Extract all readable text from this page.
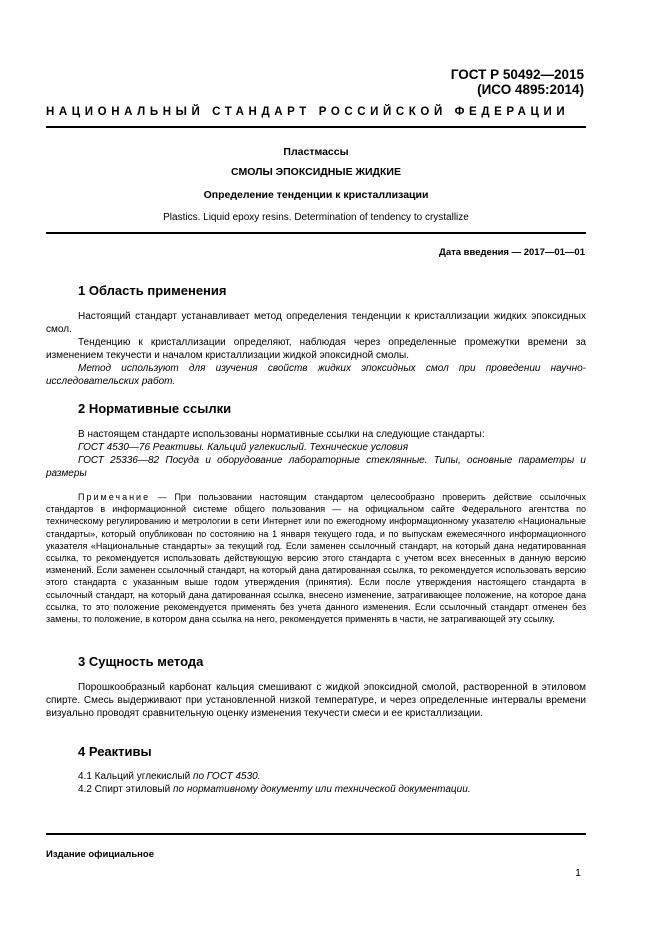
ГОСТ Р 50492—2015
(ИСО 4895:2014)
НАЦИОНАЛЬНЫЙ СТАНДАРТ РОССИЙСКОЙ ФЕДЕРАЦИИ
Пластмассы
СМОЛЫ ЭПОКСИДНЫЕ ЖИДКИЕ
Определение тенденции к кристаллизации
Plastics. Liquid epoxy resins. Determination of tendency to crystallize
Дата введения — 2017—01—01
1 Область применения

Настоящий стандарт устанавливает метод определения тенденции к кристаллизации жидких эпоксидных смол.

Тенденцию к кристаллизации определяют, наблюдая через определенные промежутки времени за изменением текучести и началом кристаллизации жидкой эпоксидной смолы.

Метод используют для изучения свойств жидких эпоксидных смол при проведении научно-исследовательских работ.

2 Нормативные ссылки

В настоящем стандарте использованы нормативные ссылки на следующие стандарты:

ГОСТ 4530—76 Реактивы. Кальций углекислый. Технические условия

ГОСТ 25336—82 Посуда и оборудование лабораторные стеклянные. Типы, основные параметры и размеры

Примечание — При пользовании настоящим стандартом целесообразно проверить действие ссылочных стандартов в информационной системе общего пользования — на официальном сайте Федерального агентства по техническому регулированию и метрологии в сети Интернет или по ежегодному информационному указателю «Национальные стандарты», который опубликован по состоянию на 1 января текущего года, и по выпускам ежемесячного информационного указателя «Национальные стандарты» за текущий год. Если заменен ссылочный стандарт, на который дана недатированная ссылка, то рекомендуется использовать действующую версию этого стандарта с учетом всех внесенных в данную версию изменений. Если заменен ссылочный стандарт, на который дана датированная ссылка, то рекомендуется использовать версию этого стандарта с указанным выше годом утверждения (принятия). Если после утверждения настоящего стандарта в ссылочный стандарт, на который дана датированная ссылка, внесено изменение, затрагивающее положение, на которое дана ссылка, то это положение рекомендуется применять без учета данного изменения. Если ссылочный стандарт отменен без замены, то положение, в котором дана ссылка на него, рекомендуется применять в части, не затрагивающей эту ссылку.

3 Сущность метода

Порошкообразный карбонат кальция смешивают с жидкой эпоксидной смолой, растворенной в этиловом спирте. Смесь выдерживают при установленной низкой температуре, и через определенные интервалы времени визуально проводят сравнительную оценку изменения текучести смеси и ее кристаллизации.

4 Реактивы

4.1 Кальций углекислый по ГОСТ 4530.

4.2 Спирт этиловый по нормативному документу или технической документации.

Издание официальное
1
